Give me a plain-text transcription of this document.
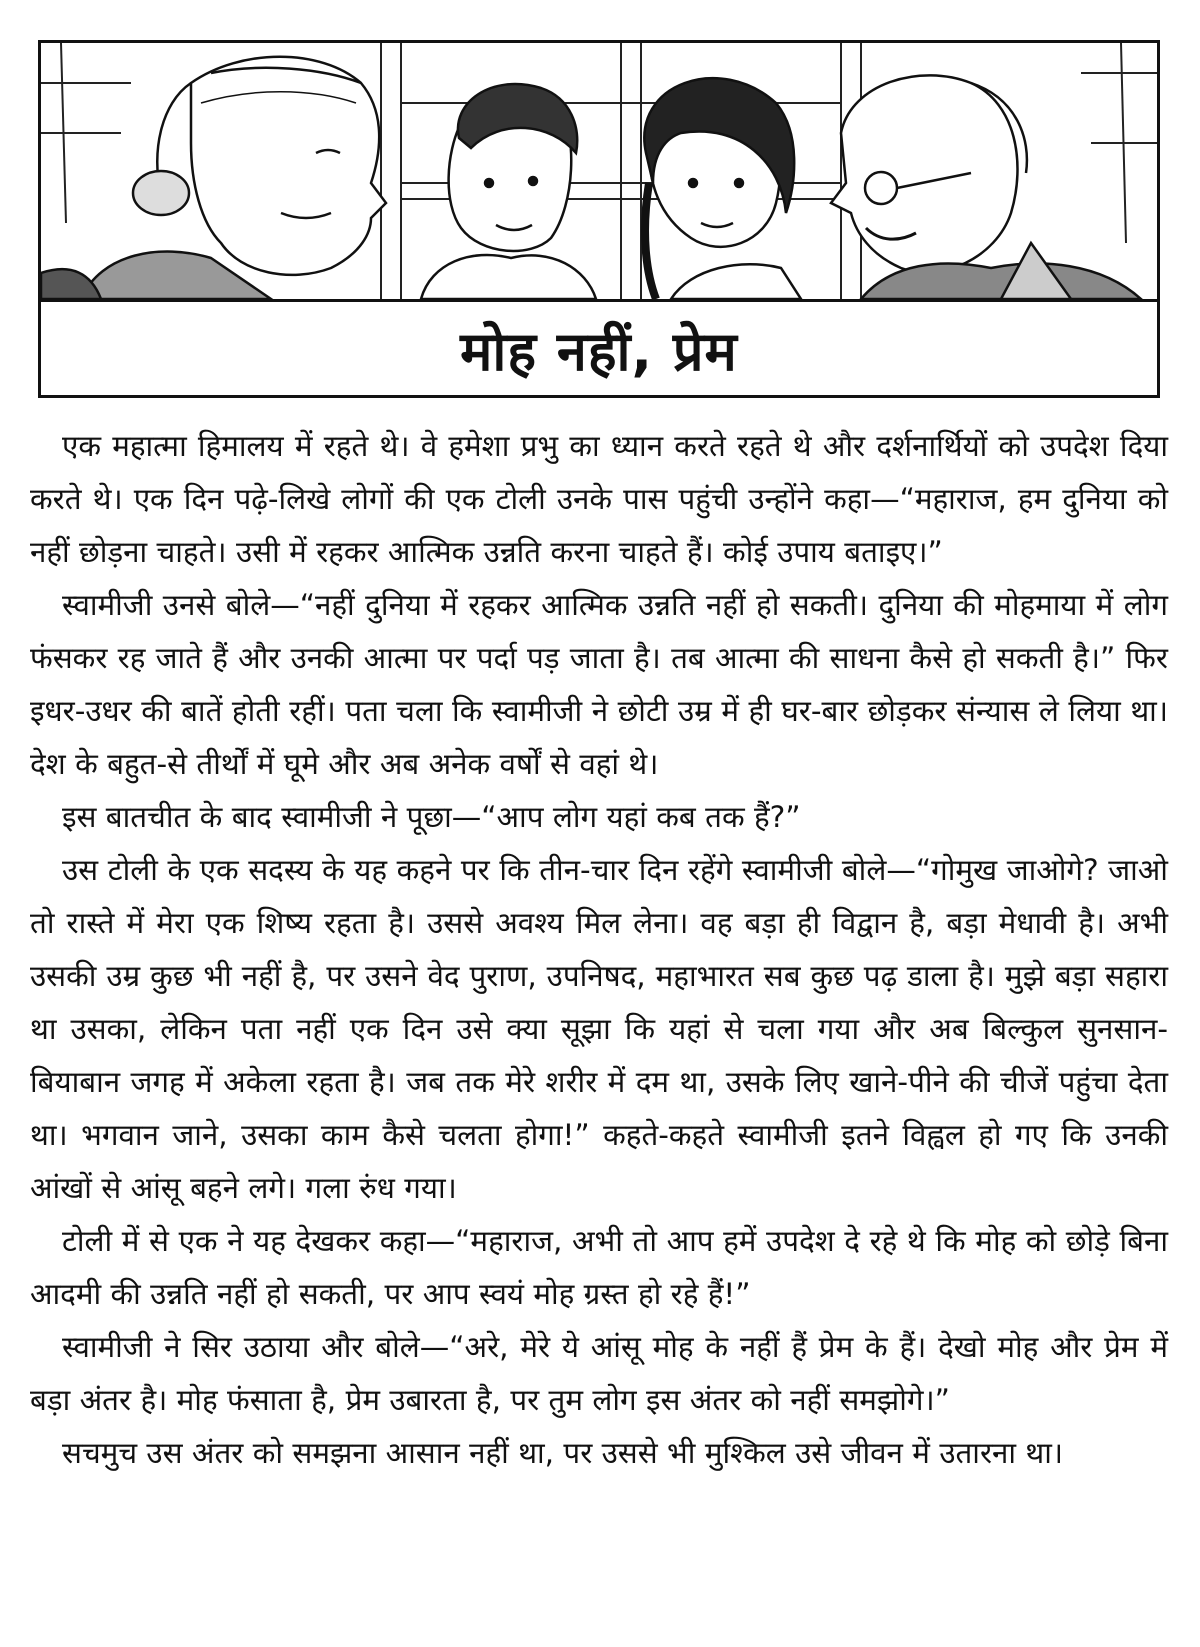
मोह नहीं, प्रेम

एक महात्मा हिमालय में रहते थे। वे हमेशा प्रभु का ध्यान करते रहते थे और दर्शनार्थियों को उपदेश दिया करते थे। एक दिन पढ़े-लिखे लोगों की एक टोली उनके पास पहुंची उन्होंने कहा—“महाराज, हम दुनिया को नहीं छोड़ना चाहते। उसी में रहकर आत्मिक उन्नति करना चाहते हैं। कोई उपाय बताइए।”

स्वामीजी उनसे बोले—“नहीं दुनिया में रहकर आत्मिक उन्नति नहीं हो सकती। दुनिया की मोहमाया में लोग फंसकर रह जाते हैं और उनकी आत्मा पर पर्दा पड़ जाता है। तब आत्मा की साधना कैसे हो सकती है।” फिर इधर-उधर की बातें होती रहीं। पता चला कि स्वामीजी ने छोटी उम्र में ही घर-बार छोड़कर संन्यास ले लिया था। देश के बहुत-से तीर्थों में घूमे और अब अनेक वर्षों से वहां थे।

इस बातचीत के बाद स्वामीजी ने पूछा—“आप लोग यहां कब तक हैं?”

उस टोली के एक सदस्य के यह कहने पर कि तीन-चार दिन रहेंगे स्वामीजी बोले—“गोमुख जाओगे? जाओ तो रास्ते में मेरा एक शिष्य रहता है। उससे अवश्य मिल लेना। वह बड़ा ही विद्वान है, बड़ा मेधावी है। अभी उसकी उम्र कुछ भी नहीं है, पर उसने वेद पुराण, उपनिषद, महाभारत सब कुछ पढ़ डाला है। मुझे बड़ा सहारा था उसका, लेकिन पता नहीं एक दिन उसे क्या सूझा कि यहां से चला गया और अब बिल्कुल सुनसान-बियाबान जगह में अकेला रहता है। जब तक मेरे शरीर में दम था, उसके लिए खाने-पीने की चीजें पहुंचा देता था। भगवान जाने, उसका काम कैसे चलता होगा!” कहते-कहते स्वामीजी इतने विह्वल हो गए कि उनकी आंखों से आंसू बहने लगे। गला रुंध गया।

टोली में से एक ने यह देखकर कहा—“महाराज, अभी तो आप हमें उपदेश दे रहे थे कि मोह को छोड़े बिना आदमी की उन्नति नहीं हो सकती, पर आप स्वयं मोह ग्रस्त हो रहे हैं!”

स्वामीजी ने सिर उठाया और बोले—“अरे, मेरे ये आंसू मोह के नहीं हैं प्रेम के हैं। देखो मोह और प्रेम में बड़ा अंतर है। मोह फंसाता है, प्रेम उबारता है, पर तुम लोग इस अंतर को नहीं समझोगे।”

सचमुच उस अंतर को समझना आसान नहीं था, पर उससे भी मुश्किल उसे जीवन में उतारना था।
